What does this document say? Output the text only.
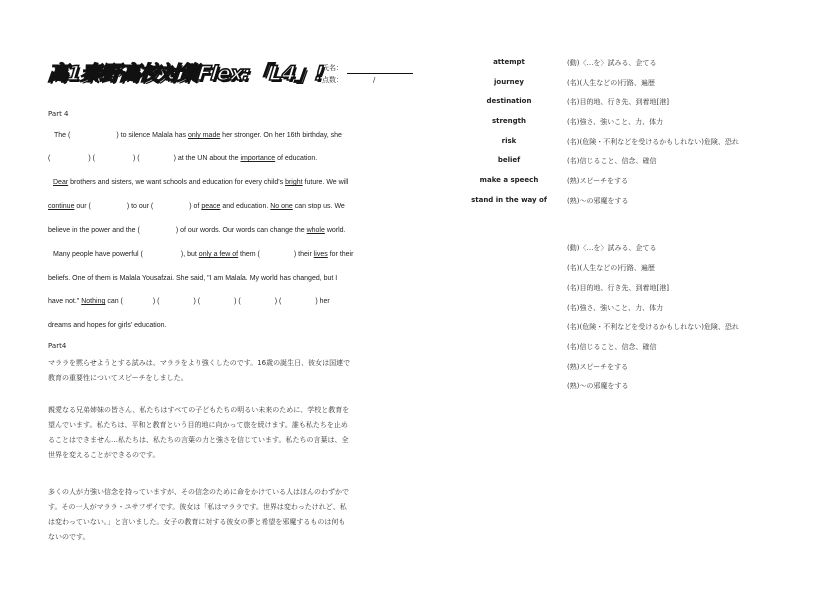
高1秦野高校対策Flex:「L4」!
氏名：
点数：	/
Part 4
The (	) to silence Malala has only made her stronger. On her 16th birthday, she
(	) (	) (	) at the UN about the importance of education.
Dear brothers and sisters, we want schools and education for every child's bright future. We will
continue our (	) to our (	) of peace and education. No one can stop us. We
believe in the power and the (	) of our words. Our words can change the whole world.
Many people have powerful (	), but only a few of them (	) their lives for their
beliefs. One of them is Malala Yousafzai. She said, "I am Malala. My world has changed, but I
have not." Nothing can (	) (	) (	) (	) (	) her
dreams and hopes for girls' education.
Part4
マララを黙らせようとする試みは、マララをより強くしたのです。16歳の誕生日、彼女は国連で
教育の重要性についてスピーチをしました。
親愛なる兄弟姉妹の皆さん、私たちはすべての子どもたちの明るい未来のために、学校と教育を
望んでいます。私たちは、平和と教育という目的地に向かって旅を続けます。誰も私たちを止め
ることはできません…私たちは、私たちの言葉の力と強さを信じています。私たちの言葉は、全
世界を変えることができるのです。
多くの人が力強い信念を持っていますが、その信念のために命をかけている人はほんのわずかで
す。その一人がマララ・ユサフザイです。彼女は「私はマララです。世界は変わったけれど、私
は変わっていない。」と言いました。女子の教育に対する彼女の夢と希望を邪魔するものは何も
ないのです。
attempt	(動)〈…を〉試みる、企てる
journey	(名)(人生などの)行路、遍歴
destination	(名)目的地、行き先、到着地[港]
strength	(名)強さ、強いこと、力、体力
risk	(名)(危険・不利などを受けるかもしれない)危険、恐れ
belief	(名)信じること、信念、確信
make a speech	(熟)スピーチをする
stand in the way of	(熟)～の邪魔をする
(動)〈…を〉試みる、企てる
(名)(人生などの)行路、遍歴
(名)目的地、行き先、到着地[港]
(名)強さ、強いこと、力、体力
(名)(危険・不利などを受けるかもしれない)危険、恐れ
(名)信じること、信念、確信
(熟)スピーチをする
(熟)～の邪魔をする
